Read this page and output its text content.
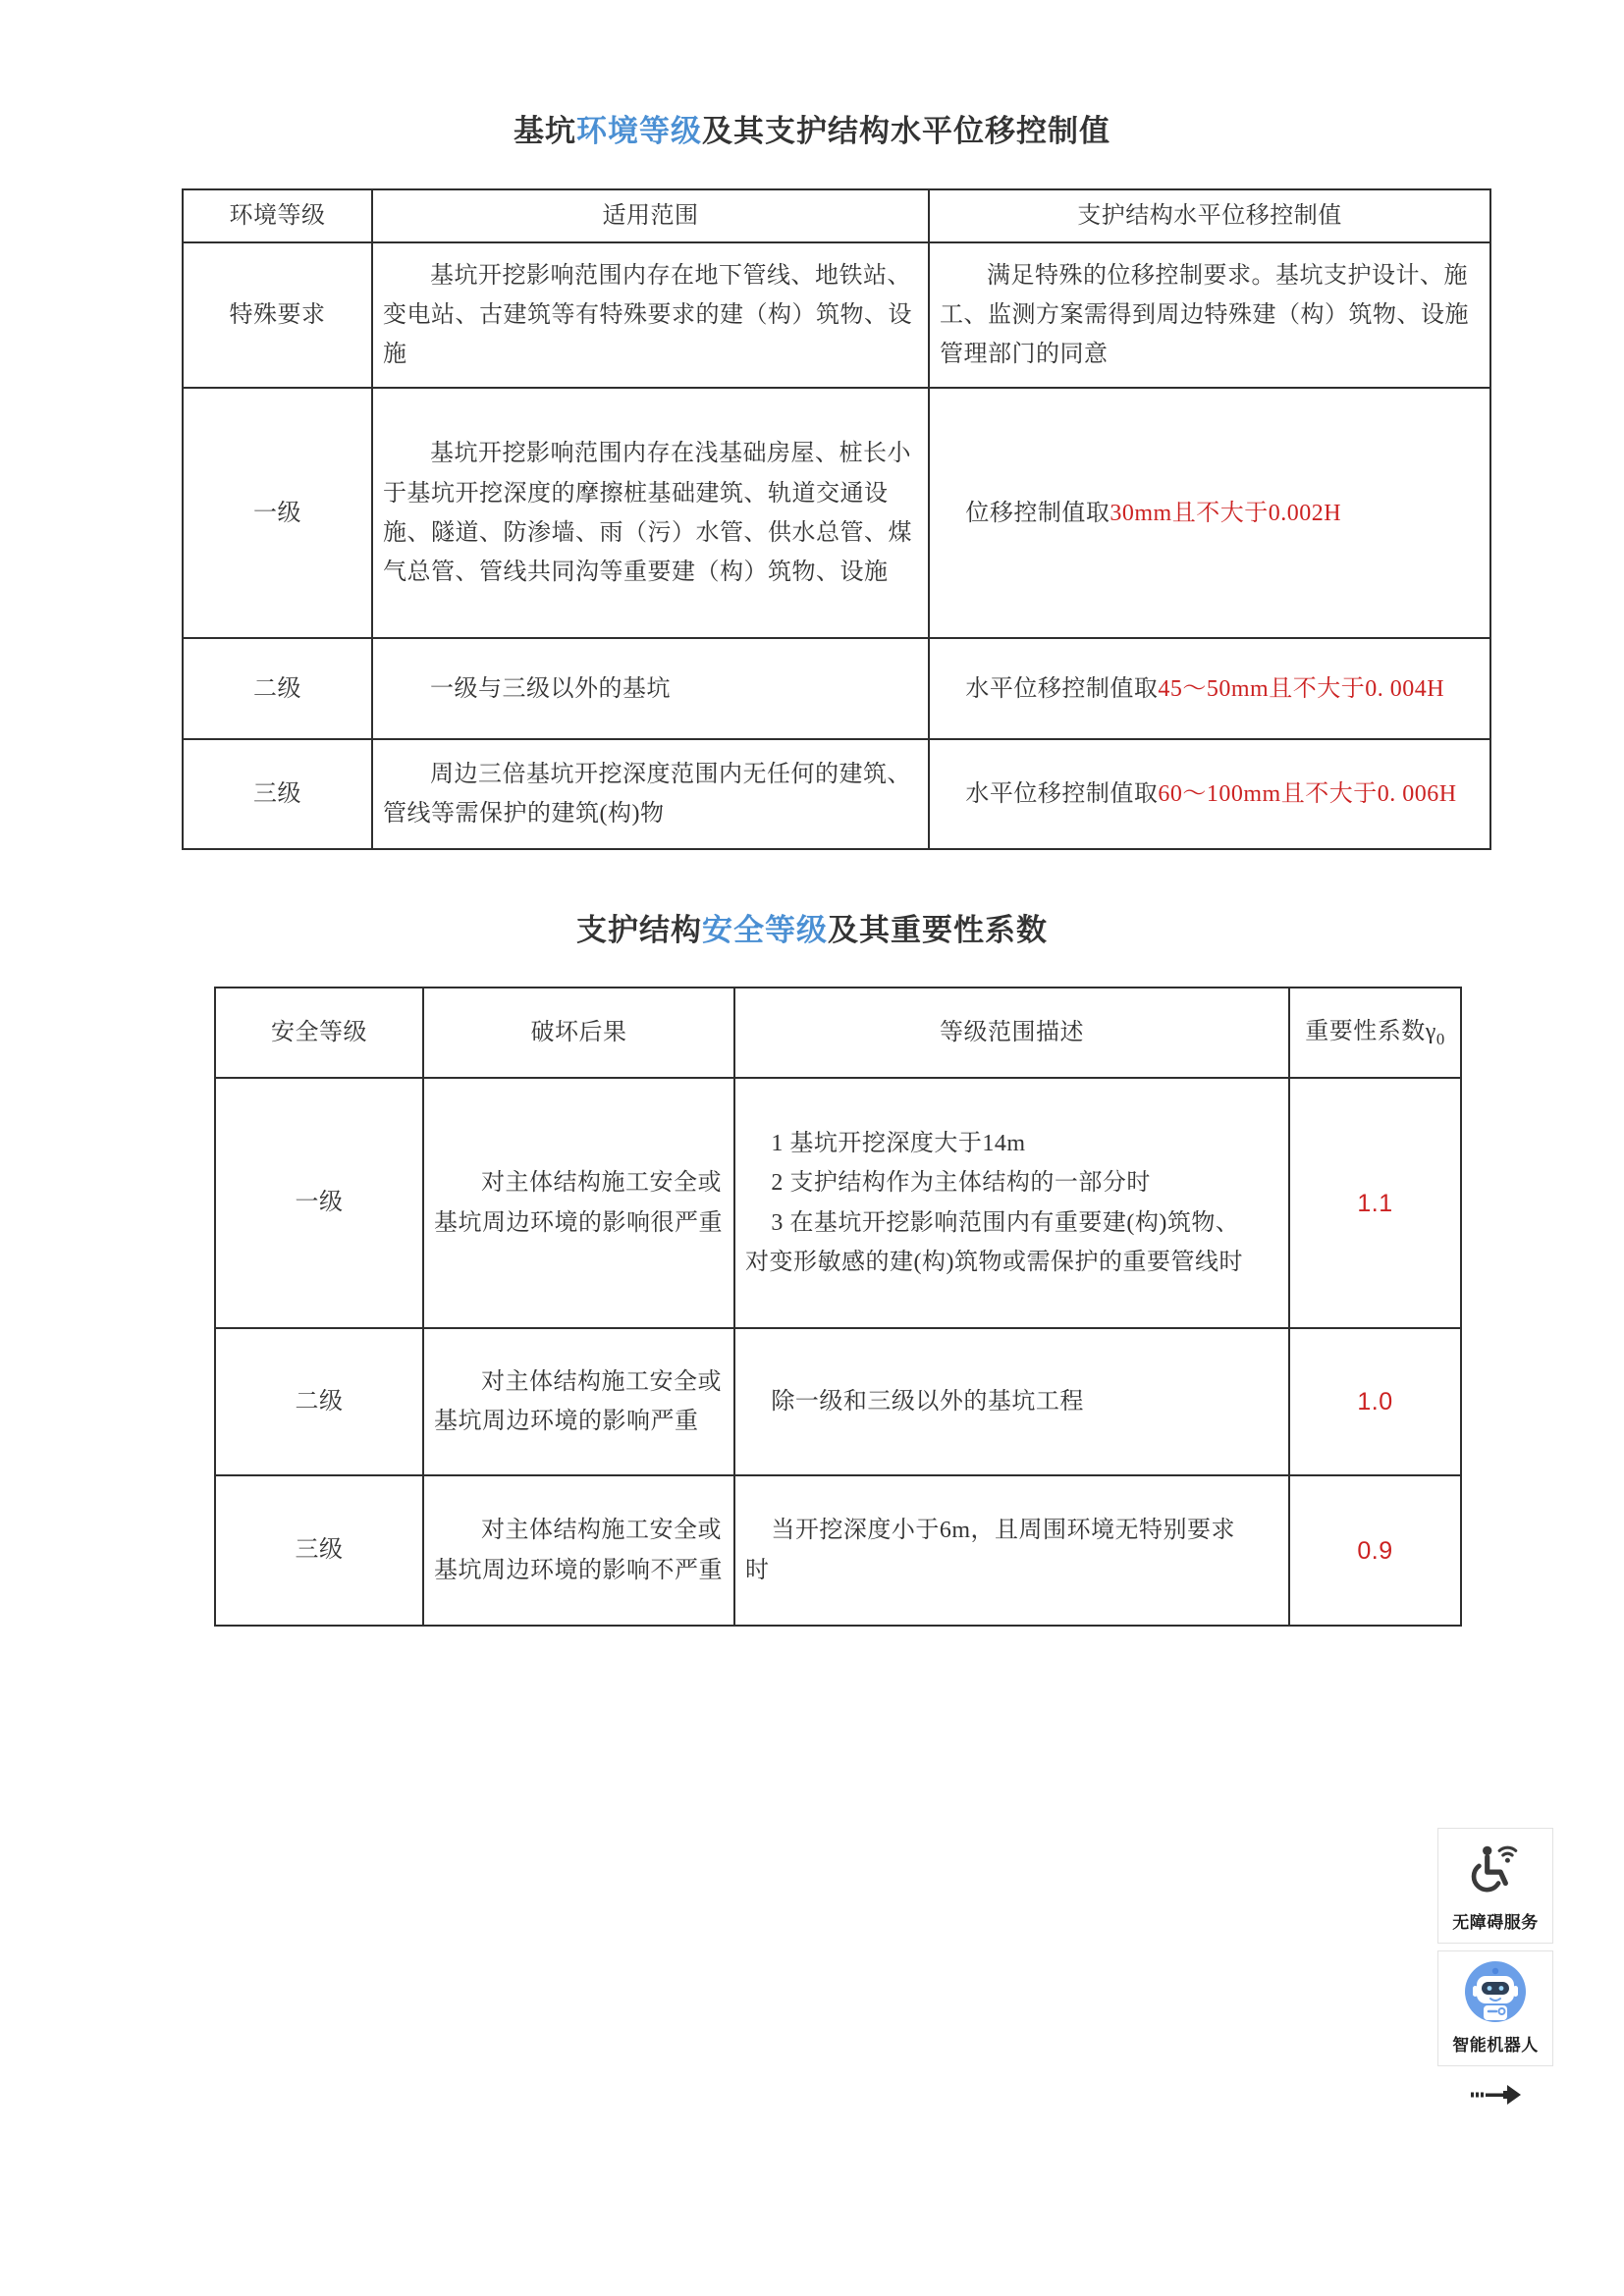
基坑环境等级及其支护结构水平位移控制值
环境等级	适用范围	支护结构水平位移控制值
特殊要求	基坑开挖影响范围内存在地下管线、地铁站、变电站、古建筑等有特殊要求的建（构）筑物、设施	满足特殊的位移控制要求。基坑支护设计、施工、监测方案需得到周边特殊建（构）筑物、设施管理部门的同意
一级	基坑开挖影响范围内存在浅基础房屋、桩长小于基坑开挖深度的摩擦桩基础建筑、轨道交通设施、隧道、防渗墙、雨（污）水管、供水总管、煤气总管、管线共同沟等重要建（构）筑物、设施	位移控制值取30mm且不大于0.002H
二级	一级与三级以外的基坑	水平位移控制值取45～50mm且不大于0. 004H
三级	周边三倍基坑开挖深度范围内无任何的建筑、管线等需保护的建筑(构)物	水平位移控制值取60～100mm且不大于0. 006H
支护结构安全等级及其重要性系数
安全等级	破坏后果	等级范围描述	重要性系数$\gamma_0$
一级	对主体结构施工安全或基坑周边环境的影响很严重	1 基坑开挖深度大于14m
2 支护结构作为主体结构的一部分时
3 在基坑开挖影响范围内有重要建(构)筑物、对变形敏感的建(构)筑物或需保护的重要管线时	1.1
二级	对主体结构施工安全或基坑周边环境的影响严重	除一级和三级以外的基坑工程	1.0
三级	对主体结构施工安全或基坑周边环境的影响不严重	当开挖深度小于6m，且周围环境无特别要求时	0.9
无障碍服务
智能机器人
